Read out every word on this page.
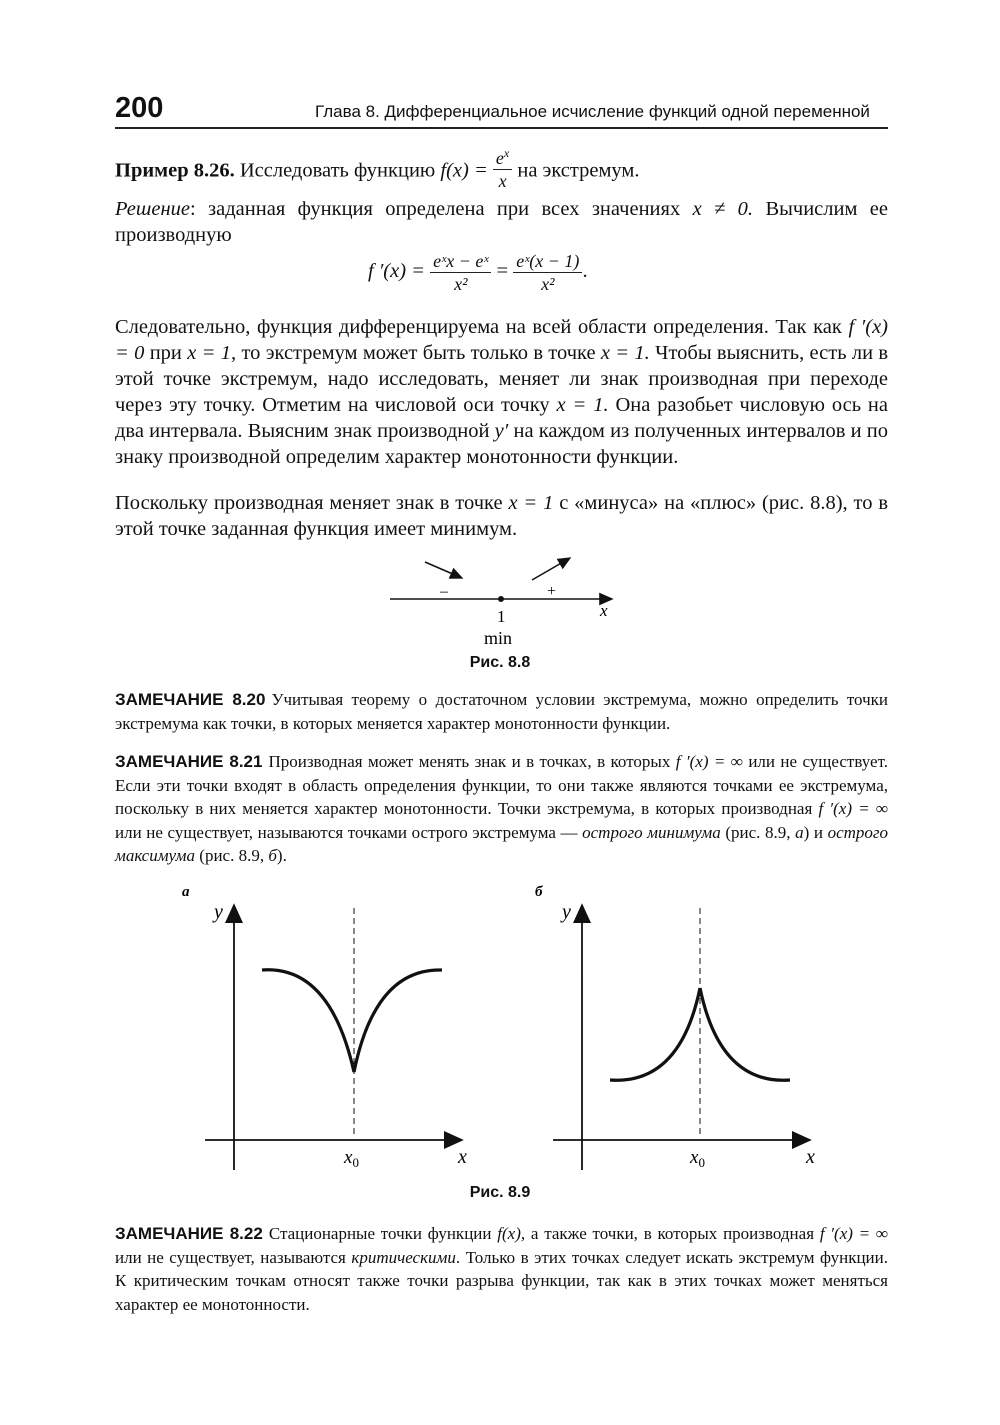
200	Глава 8. Дифференциальное исчисление функций одной переменной
Пример 8.26. Исследовать функцию $f(x) = \frac{e^x}{x}$ на экстремум.
Решение: заданная функция определена при всех значениях x ≠ 0. Вычислим ее производную
f $'(x) = \frac{\text{eˣx − eˣ}}{\text{x²}} = \frac{\text{eˣ(x − 1)}}{\text{x²}}$ .
Следовательно, функция дифференцируема на всей области определения. Так как f ′(x) = 0 при x = 1, то экстремум может быть только в точке x = 1. Чтобы выяснить, есть ли в этой точке экстремум, надо исследовать, меняет ли знак производная при переходе через эту точку. Отметим на числовой оси точку x = 1. Она разобьет числовую ось на два интервала. Выясним знак производной y′ на каждом из полученных интервалов и по знаку производной определим характер монотонности функции.
Поскольку производная меняет знак в точке x = 1 с «минуса» на «плюс» (рис. 8.8), то в этой точке заданная функция имеет минимум.
–	+
1	x
min
Рис. 8.8
ЗАМЕЧАНИЕ 8.20 Учитывая теорему о достаточном условии экстремума, можно определить точки экстремума как точки, в которых меняется характер монотонности функции.
ЗАМЕЧАНИЕ 8.21 Производная может менять знак и в точках, в которых f ′(x) = ∞ или не существует. Если эти точки входят в область определения функции, то они также являются точками ее экстремума, поскольку в них меняется характер монотонности. Точки экстремума, в которых производная f ′(x) = ∞ или не существует, называются точками острого экстремума — острого минимума (рис. 8.9, а) и острого максимума (рис. 8.9, б).
а
y
x
$x_0$
б
y
x
$x_0$
Рис. 8.9
ЗАМЕЧАНИЕ 8.22 Стационарные точки функции f(x), а также точки, в которых производная f ′(x) = ∞ или не существует, называются критическими. Только в этих точках следует искать экстремум функции. К критическим точкам относят также точки разрыва функции, так как в этих точках может меняться характер ее монотонности.
